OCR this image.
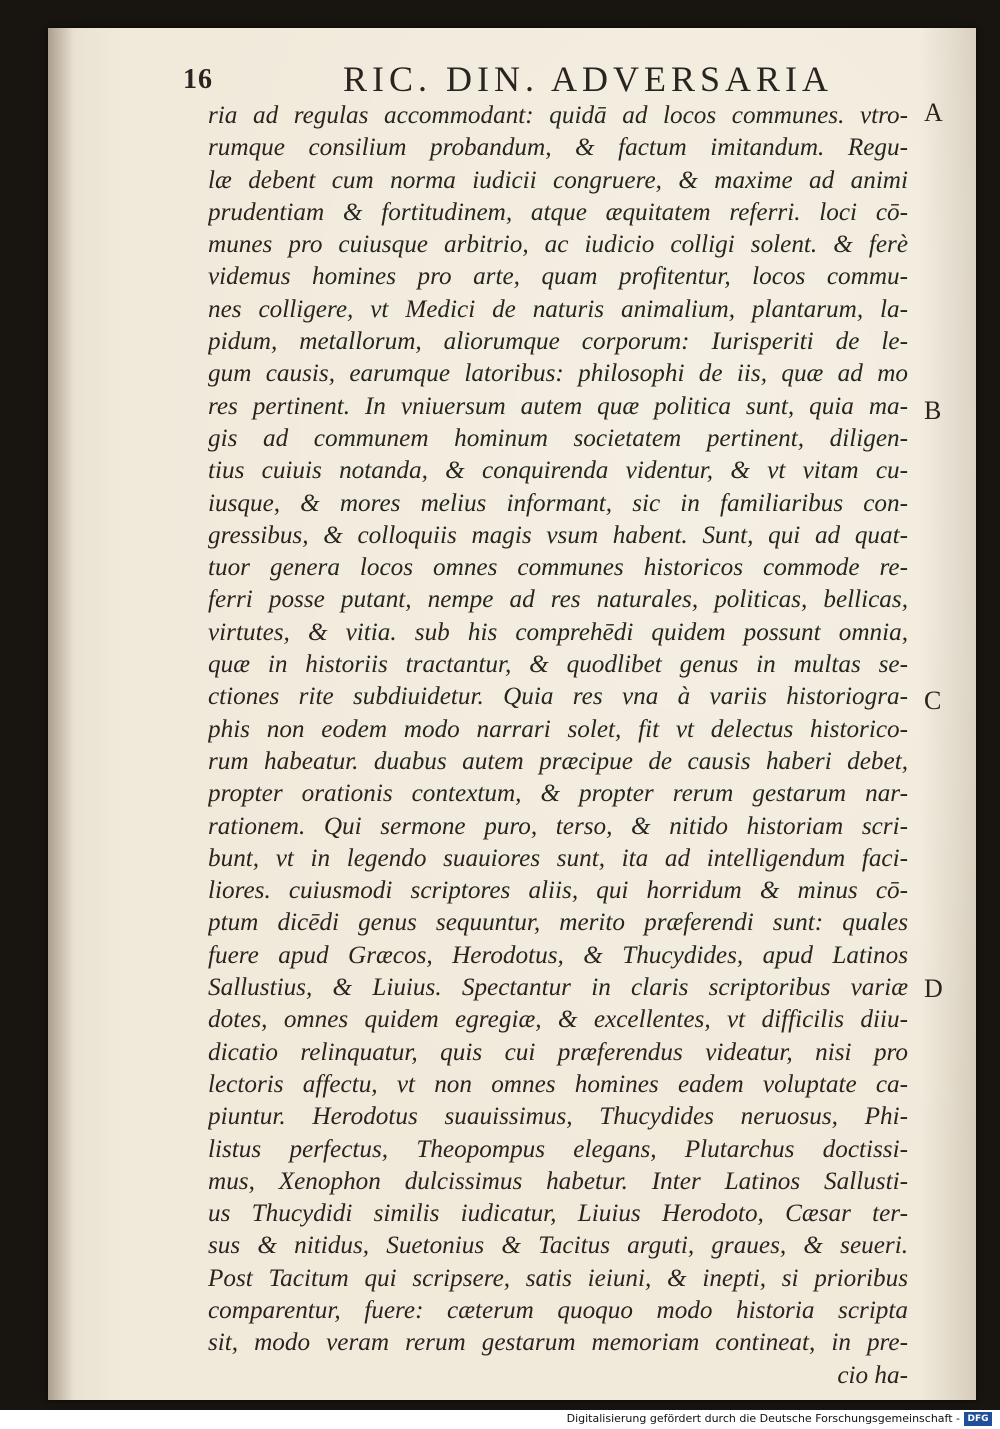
16	RIC. DIN. ADVERSARIA
ria ad regulas accommodant: quidā ad locos communes. vtro-
rumque consilium probandum, & factum imitandum. Regu-
læ debent cum norma iudicii congruere, & maxime ad animi
prudentiam & fortitudinem, atque æquitatem referri. loci cō-
munes pro cuiusque arbitrio, ac iudicio colligi solent. & ferè
videmus homines pro arte, quam profitentur, locos commu-
nes colligere, vt Medici de naturis animalium, plantarum, la-
pidum, metallorum, aliorumque corporum: Iurisperiti de le-
gum causis, earumque latoribus: philosophi de iis, quæ ad mo
res pertinent. In vniuersum autem quæ politica sunt, quia ma-
gis ad communem hominum societatem pertinent, diligen-
tius cuiuis notanda, & conquirenda videntur, & vt vitam cu-
iusque, & mores melius informant, sic in familiaribus con-
gressibus, & colloquiis magis vsum habent. Sunt, qui ad quat-
tuor genera locos omnes communes historicos commode re-
ferri posse putant, nempe ad res naturales, politicas, bellicas,
virtutes, & vitia. sub his comprehēdi quidem possunt omnia,
quæ in historiis tractantur, & quodlibet genus in multas se-
ctiones rite subdiuidetur. Quia res vna à variis historiogra-
phis non eodem modo narrari solet, fit vt delectus historico-
rum habeatur. duabus autem præcipue de causis haberi debet,
propter orationis contextum, & propter rerum gestarum nar-
rationem. Qui sermone puro, terso, & nitido historiam scri-
bunt, vt in legendo suauiores sunt, ita ad intelligendum faci-
liores. cuiusmodi scriptores aliis, qui horridum & minus cō-
ptum dicēdi genus sequuntur, merito præferendi sunt: quales
fuere apud Græcos, Herodotus, & Thucydides, apud Latinos
Sallustius, & Liuius. Spectantur in claris scriptoribus variæ
dotes, omnes quidem egregiæ, & excellentes, vt difficilis diiu-
dicatio relinquatur, quis cui præferendus videatur, nisi pro
lectoris affectu, vt non omnes homines eadem voluptate ca-
piuntur. Herodotus suauissimus, Thucydides neruosus, Phi-
listus perfectus, Theopompus elegans, Plutarchus doctissi-
mus, Xenophon dulcissimus habetur. Inter Latinos Sallusti-
us Thucydidi similis iudicatur, Liuius Herodoto, Cæsar ter-
sus & nitidus, Suetonius & Tacitus arguti, graues, & seueri.
Post Tacitum qui scripsere, satis ieiuni, & inepti, si prioribus
comparentur, fuere: cæterum quoquo modo historia scripta
sit, modo veram rerum gestarum memoriam contineat, in pre-
cio ha-
A
B
C
D
Digitalisierung gefördert durch die Deutsche Forschungsgemeinschaft - DFG
